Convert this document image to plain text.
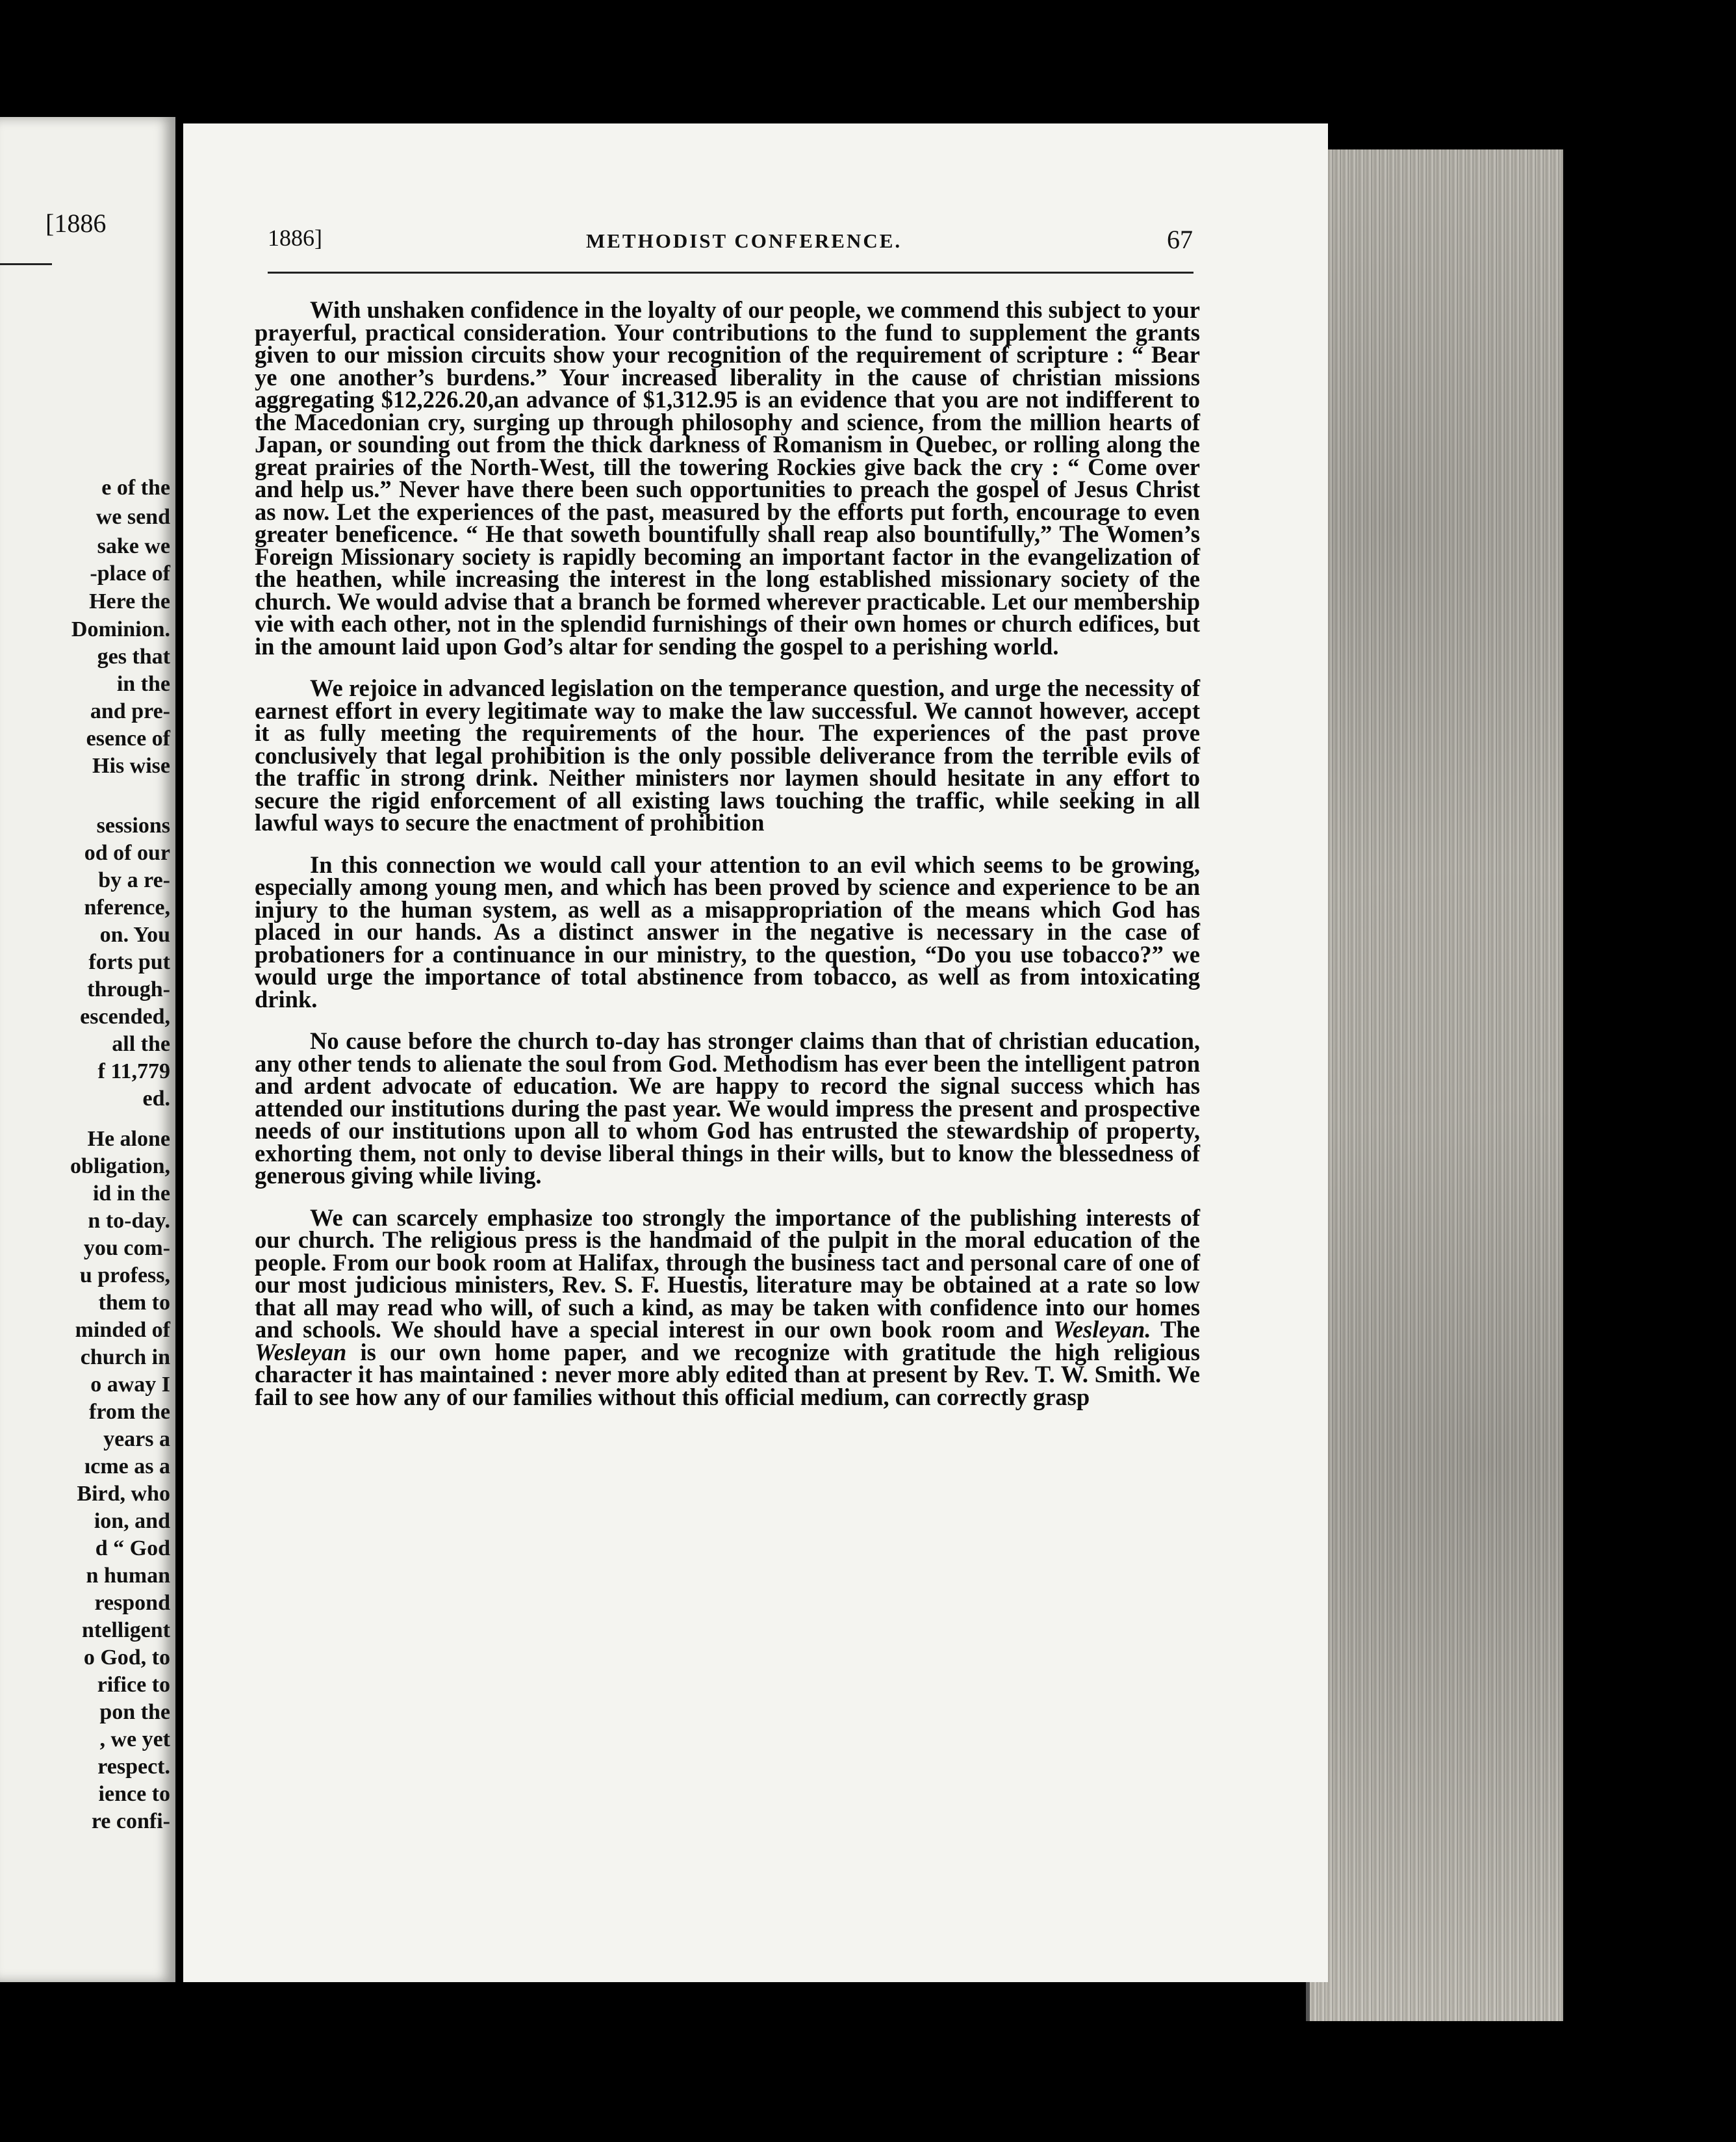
[1886
e of the
we send
sake we
-place of
Here the
Dominion.
ges that
in the
and pre-
esence of
His wise
sessions
od of our
by a re-
nference,
on. You
forts put
through-
escended,
all the
f 11,779
ed.
He alone
obligation,
id in the
n to-day.
you com-
u profess,
them to
minded of
church in
o away I
from the
years a
ıcme as a
Bird, who
ion, and
d “ God
n human
respond
ntelligent
o God, to
rifice to
pon the
, we yet
respect.
ience to
re confi-
1886]	METHODIST CONFERENCE.	67

With unshaken confidence in the loyalty of our people, we commend this subject to your prayerful, practical consideration. Your contributions to the fund to supplement the grants given to our mission circuits show your recognition of the requirement of scripture : “ Bear ye one another’s burdens.” Your increased liberality in the cause of christian missions aggregating $12,226.20,an advance of $1,312.95 is an evidence that you are not indifferent to the Macedonian cry, surging up through philosophy and science, from the million hearts of Japan, or sounding out from the thick darkness of Romanism in Quebec, or rolling along the great prairies of the North-West, till the towering Rockies give back the cry : “ Come over and help us.” Never have there been such opportunities to preach the gospel of Jesus Christ as now. Let the experiences of the past, measured by the efforts put forth, encourage to even greater beneficence. “ He that soweth bountifully shall reap also bountifully,” The Women’s Foreign Missionary society is rapidly becoming an important factor in the evangelization of the heathen, while increasing the interest in the long established missionary society of the church. We would advise that a branch be formed wherever practicable. Let our membership vie with each other, not in the splendid furnishings of their own homes or church edifices, but in the amount laid upon God’s altar for sending the gospel to a perishing world.

We rejoice in advanced legislation on the temperance question, and urge the necessity of earnest effort in every legitimate way to make the law successful. We cannot however, accept it as fully meeting the requirements of the hour. The experiences of the past prove conclusively that legal prohibition is the only possible deliverance from the terrible evils of the traffic in strong drink. Neither ministers nor laymen should hesitate in any effort to secure the rigid enforcement of all existing laws touching the traffic, while seeking in all lawful ways to secure the enactment of prohibition

In this connection we would call your attention to an evil which seems to be growing, especially among young men, and which has been proved by science and experience to be an injury to the human system, as well as a misappropriation of the means which God has placed in our hands. As a distinct answer in the negative is necessary in the case of probationers for a continuance in our ministry, to the question, “Do you use tobacco?” we would urge the importance of total abstinence from tobacco, as well as from intoxicating drink.

No cause before the church to-day has stronger claims than that of christian education, any other tends to alienate the soul from God. Methodism has ever been the intelligent patron and ardent advocate of education. We are happy to record the signal success which has attended our institutions during the past year. We would impress the present and prospective needs of our institutions upon all to whom God has entrusted the stewardship of property, exhorting them, not only to devise liberal things in their wills, but to know the blessedness of generous giving while living.

We can scarcely emphasize too strongly the importance of the publishing interests of our church. The religious press is the handmaid of the pulpit in the moral education of the people. From our book room at Halifax, through the business tact and personal care of one of our most judicious ministers, Rev. S. F. Huestis, literature may be obtained at a rate so low that all may read who will, of such a kind, as may be taken with confidence into our homes and schools. We should have a special interest in our own book room and Wesleyan. The Wesleyan is our own home paper, and we recognize with gratitude the high religious character it has maintained : never more ably edited than at present by Rev. T. W. Smith. We fail to see how any of our families without this official medium, can correctly grasp
